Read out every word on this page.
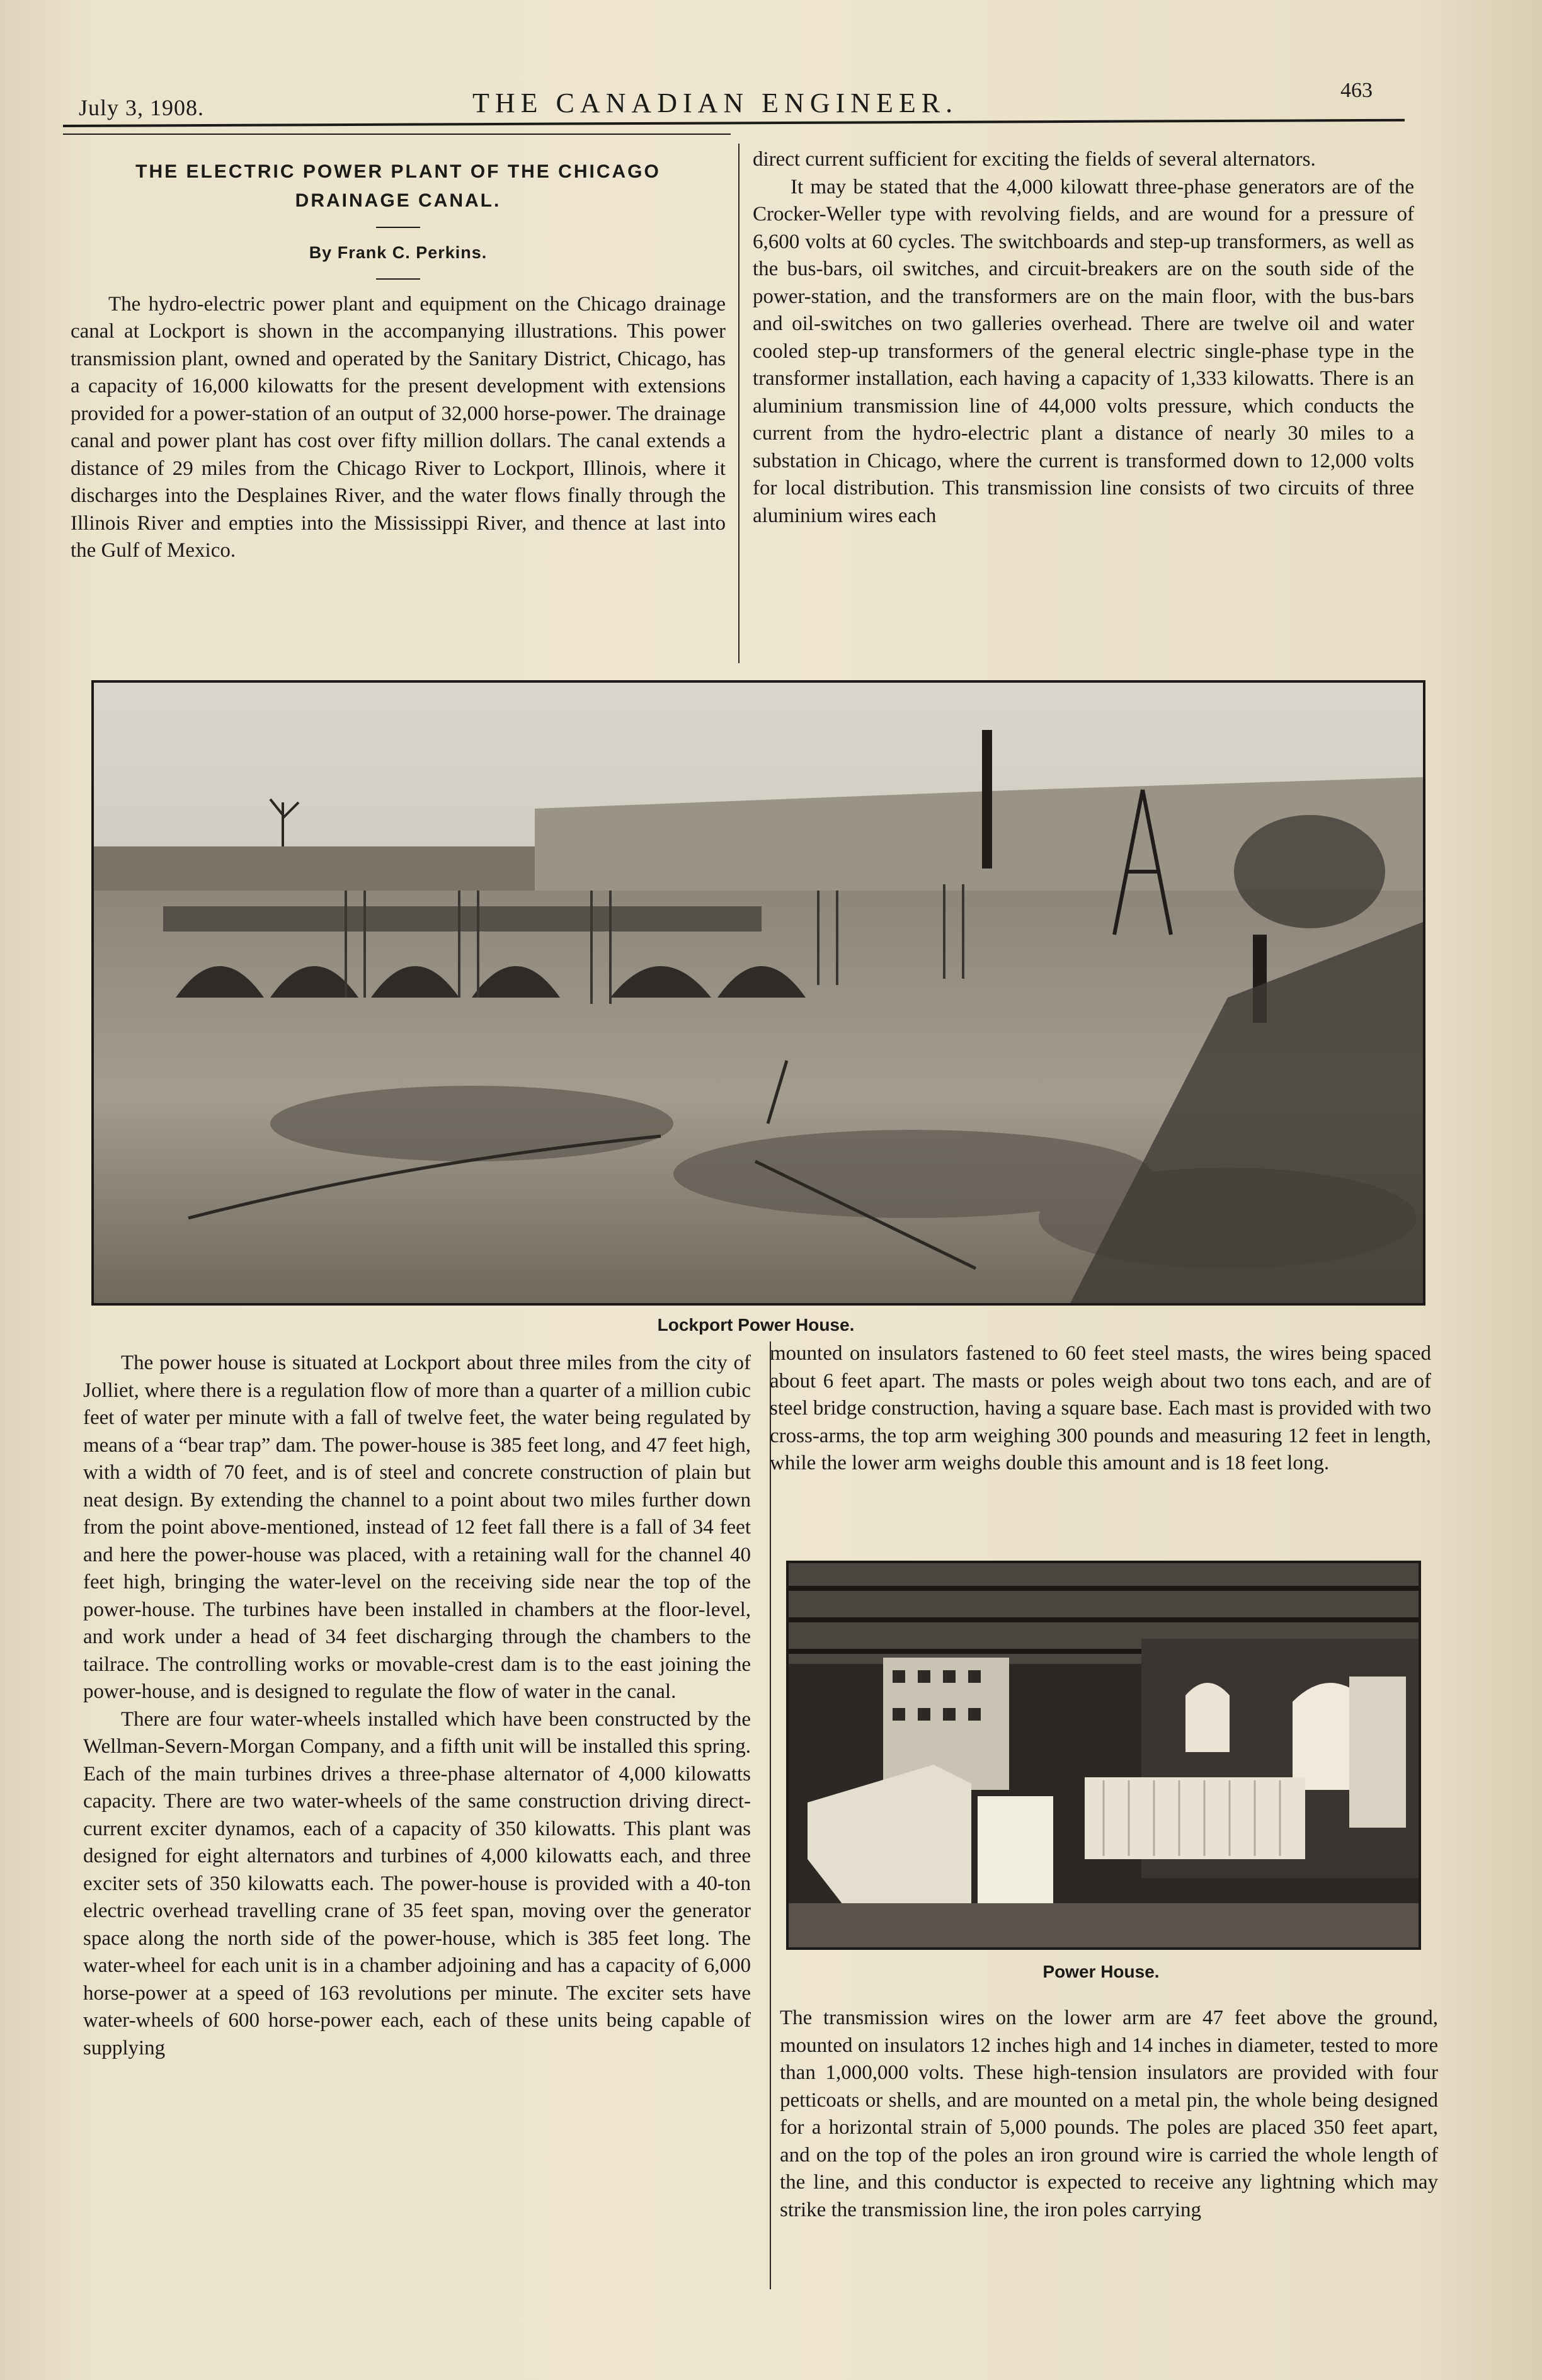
July 3, 1908.	THE CANADIAN ENGINEER.	463
THE ELECTRIC POWER PLANT OF THE CHICAGO
DRAINAGE CANAL.
By Frank C. Perkins.

The hydro-electric power plant and equipment on the Chicago drainage canal at Lockport is shown in the accompanying illustrations. This power transmission plant, owned and operated by the Sanitary District, Chicago, has a capacity of 16,000 kilowatts for the present development with extensions provided for a power-station of an output of 32,000 horse-power. The drainage canal and power plant has cost over fifty million dollars. The canal extends a distance of 29 miles from the Chicago River to Lockport, Illinois, where it discharges into the Desplaines River, and the water flows finally through the Illinois River and empties into the Mississippi River, and thence at last into the Gulf of Mexico.

direct current sufficient for exciting the fields of several alternators.

It may be stated that the 4,000 kilowatt three-phase generators are of the Crocker-Weller type with revolving fields, and are wound for a pressure of 6,600 volts at 60 cycles. The switchboards and step-up transformers, as well as the bus-bars, oil switches, and circuit-breakers are on the south side of the power-station, and the transformers are on the main floor, with the bus-bars and oil-switches on two galleries overhead. There are twelve oil and water cooled step-up transformers of the general electric single-phase type in the transformer installation, each having a capacity of 1,333 kilowatts. There is an aluminium transmission line of 44,000 volts pressure, which conducts the current from the hydro-electric plant a distance of nearly 30 miles to a substation in Chicago, where the current is transformed down to 12,000 volts for local distribution. This transmission line consists of two circuits of three aluminium wires each

Lockport Power House.

The power house is situated at Lockport about three miles from the city of Jolliet, where there is a regulation flow of more than a quarter of a million cubic feet of water per minute with a fall of twelve feet, the water being regulated by means of a “bear trap” dam. The power-house is 385 feet long, and 47 feet high, with a width of 70 feet, and is of steel and concrete construction of plain but neat design. By extending the channel to a point about two miles further down from the point above-mentioned, instead of 12 feet fall there is a fall of 34 feet and here the power-house was placed, with a retaining wall for the channel 40 feet high, bringing the water-level on the receiving side near the top of the power-house. The turbines have been installed in chambers at the floor-level, and work under a head of 34 feet discharging through the chambers to the tailrace. The controlling works or movable-crest dam is to the east joining the power-house, and is designed to regulate the flow of water in the canal.

There are four water-wheels installed which have been constructed by the Wellman-Severn-Morgan Company, and a fifth unit will be installed this spring. Each of the main turbines drives a three-phase alternator of 4,000 kilowatts capacity. There are two water-wheels of the same construction driving direct-current exciter dynamos, each of a capacity of 350 kilowatts. This plant was designed for eight alternators and turbines of 4,000 kilowatts each, and three exciter sets of 350 kilowatts each. The power-house is provided with a 40-ton electric overhead travelling crane of 35 feet span, moving over the generator space along the north side of the power-house, which is 385 feet long. The water-wheel for each unit is in a chamber adjoining and has a capacity of 6,000 horse-power at a speed of 163 revolutions per minute. The exciter sets have water-wheels of 600 horse-power each, each of these units being capable of supplying

mounted on insulators fastened to 60 feet steel masts, the wires being spaced about 6 feet apart. The masts or poles weigh about two tons each, and are of steel bridge construction, having a square base. Each mast is provided with two cross-arms, the top arm weighing 300 pounds and measuring 12 feet in length, while the lower arm weighs double this amount and is 18 feet long.

Power House.

The transmission wires on the lower arm are 47 feet above the ground, mounted on insulators 12 inches high and 14 inches in diameter, tested to more than 1,000,000 volts. These high-tension insulators are provided with four petticoats or shells, and are mounted on a metal pin, the whole being designed for a horizontal strain of 5,000 pounds. The poles are placed 350 feet apart, and on the top of the poles an iron ground wire is carried the whole length of the line, and this conductor is expected to receive any lightning which may strike the transmission line, the iron poles carrying
